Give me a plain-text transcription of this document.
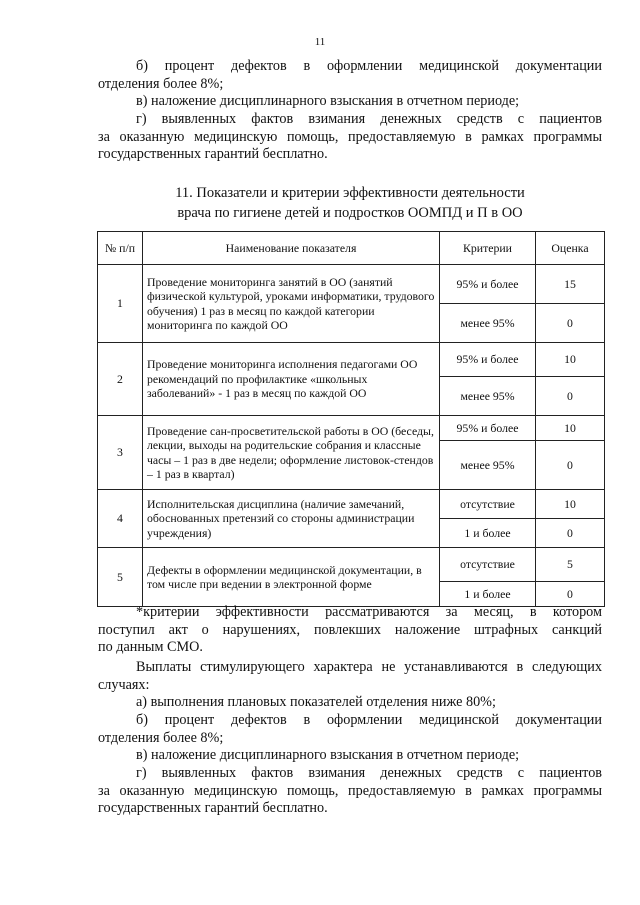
11

б) процент дефектов в оформлении медицинской документации
отделения более 8%;

в) наложение дисциплинарного взыскания в отчетном периоде;

г) выявленных фактов взимания денежных средств с пациентов
за оказанную медицинскую помощь, предоставляемую в рамках программы
государственных гарантий бесплатно.

11. Показатели и критерии эффективности деятельности
врача по гигиене детей и подростков ООМПД и П в ОО
№ п/п	Наименование показателя	Критерии	Оценка
1	Проведение мониторинга занятий в ОО (занятий физической культурой, уроками информатики, трудового обучения) 1 раз в месяц по каждой категории мониторинга по каждой ОО	95% и более	15
		менее 95%	0
2	Проведение мониторинга исполнения педагогами ОО рекомендаций по профилактике «школьных заболеваний» - 1 раз в месяц по каждой ОО	95% и более	10
		менее 95%	0
3	Проведение сан-просветительской работы в ОО (беседы, лекции, выходы на родительские собрания и классные часы – 1 раз в две недели; оформление листовок-стендов – 1 раз в квартал)	95% и более	10
		менее 95%	0
4	Исполнительская дисциплина (наличие замечаний, обоснованных претензий со стороны администрации учреждения)	отсутствие	10
		1 и более	0
5	Дефекты в оформлении медицинской документации, в том числе при ведении в электронной форме	отсутствие	5
		1 и более	0

*критерии эффективности рассматриваются за месяц, в котором
поступил акт о нарушениях, повлекших наложение штрафных санкций
по данным СМО.

Выплаты стимулирующего характера не устанавливаются в следующих
случаях:

а) выполнения плановых показателей отделения ниже 80%;

б) процент дефектов в оформлении медицинской документации
отделения более 8%;

в) наложение дисциплинарного взыскания в отчетном периоде;

г) выявленных фактов взимания денежных средств с пациентов
за оказанную медицинскую помощь, предоставляемую в рамках программы
государственных гарантий бесплатно.
